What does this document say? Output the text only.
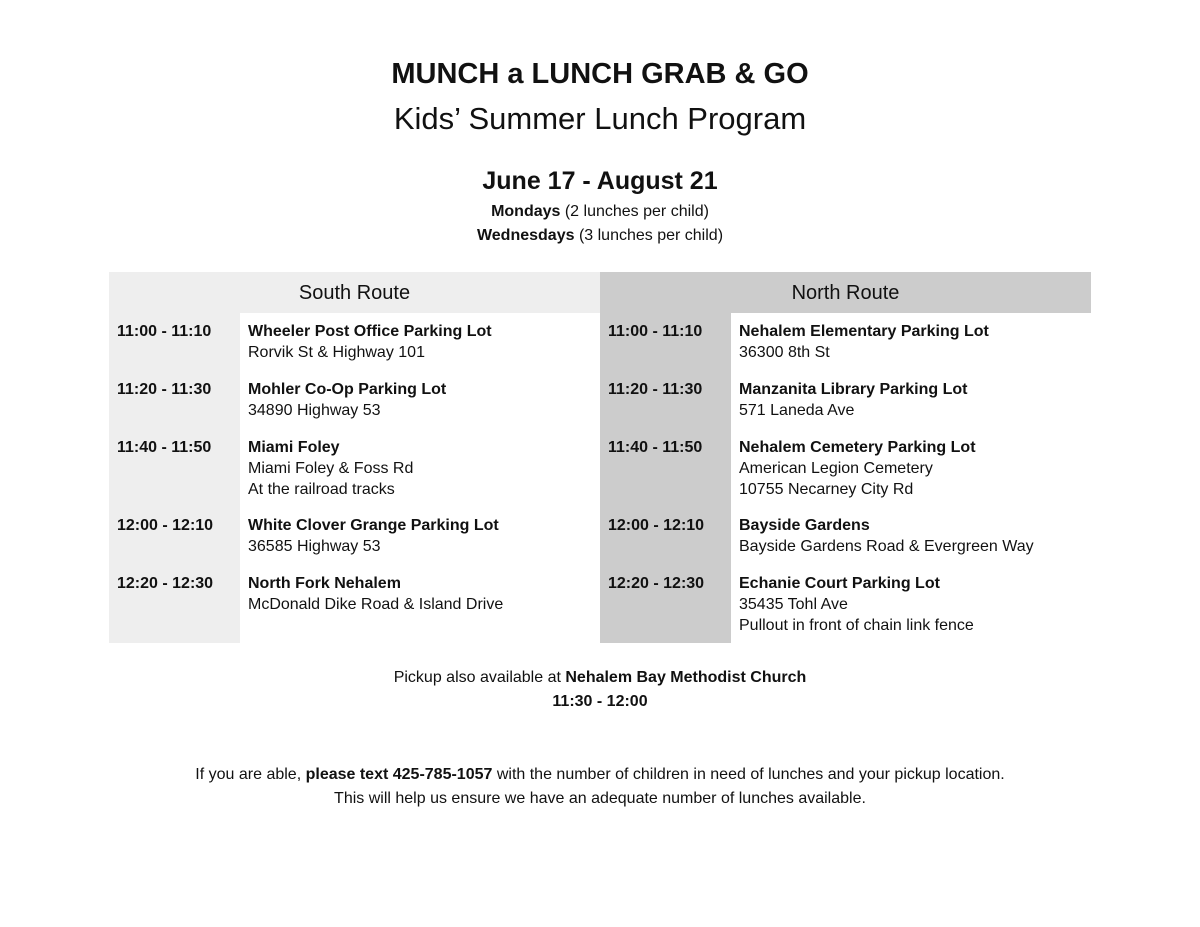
MUNCH a LUNCH GRAB & GO
Kids’ Summer Lunch Program
June 17 - August 21
Mondays (2 lunches per child)
Wednesdays (3 lunches per child)
South Route
11:00 - 11:10	Wheeler Post Office Parking Lot
Rorvik St & Highway 101
11:20 - 11:30	Mohler Co-Op Parking Lot
34890 Highway 53
11:40 - 11:50	Miami Foley
Miami Foley & Foss Rd
At the railroad tracks
12:00 - 12:10	White Clover Grange Parking Lot
36585 Highway 53
12:20 - 12:30	North Fork Nehalem
McDonald Dike Road & Island Drive
North Route
11:00 - 11:10	Nehalem Elementary Parking Lot
36300 8th St
11:20 - 11:30	Manzanita Library Parking Lot
571 Laneda Ave
11:40 - 11:50	Nehalem Cemetery Parking Lot
American Legion Cemetery
10755 Necarney City Rd
12:00 - 12:10	Bayside Gardens
Bayside Gardens Road & Evergreen Way
12:20 - 12:30	Echanie Court Parking Lot
35435 Tohl Ave
Pullout in front of chain link fence
Pickup also available at Nehalem Bay Methodist Church
11:30 - 12:00
If you are able, please text 425-785-1057 with the number of children in need of lunches and your pickup location.
This will help us ensure we have an adequate number of lunches available.
